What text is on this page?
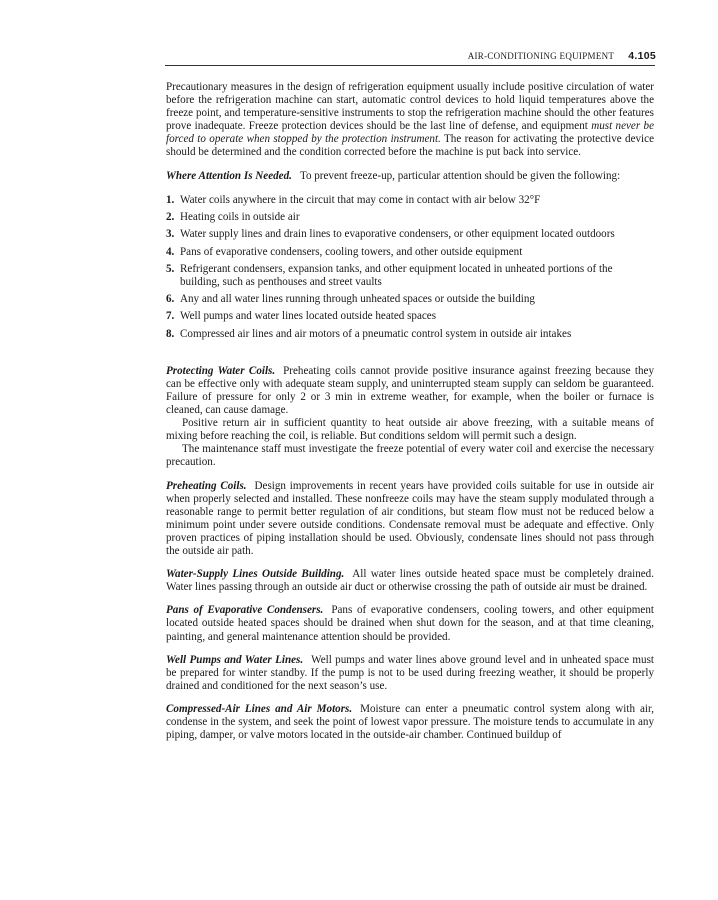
AIR-CONDITIONING EQUIPMENT 4.105

Precautionary measures in the design of refrigeration equipment usually include positive circulation of water before the refrigeration machine can start, automatic control devices to hold liquid temperatures above the freeze point, and temperature-sensitive instruments to stop the refrigeration machine should the other features prove inadequate. Freeze protection devices should be the last line of defense, and equipment must never be forced to operate when stopped by the protection instrument. The reason for activating the protective device should be determined and the condition corrected before the machine is put back into service.

Where Attention Is Needed. To prevent freeze-up, particular attention should be given the following:

1. Water coils anywhere in the circuit that may come in contact with air below 32°F
2. Heating coils in outside air
3. Water supply lines and drain lines to evaporative condensers, or other equipment located outdoors
4. Pans of evaporative condensers, cooling towers, and other outside equipment
5. Refrigerant condensers, expansion tanks, and other equipment located in unheated portions of the building, such as penthouses and street vaults
6. Any and all water lines running through unheated spaces or outside the building
7. Well pumps and water lines located outside heated spaces
8. Compressed air lines and air motors of a pneumatic control system in outside air intakes

Protecting Water Coils. Preheating coils cannot provide positive insurance against freezing because they can be effective only with adequate steam supply, and uninterrupted steam supply can seldom be guaranteed. Failure of pressure for only 2 or 3 min in extreme weather, for example, when the boiler or furnace is cleaned, can cause damage.

Positive return air in sufficient quantity to heat outside air above freezing, with a suitable means of mixing before reaching the coil, is reliable. But conditions seldom will permit such a design.

The maintenance staff must investigate the freeze potential of every water coil and exercise the necessary precaution.

Preheating Coils. Design improvements in recent years have provided coils suitable for use in outside air when properly selected and installed. These nonfreeze coils may have the steam supply modulated through a reasonable range to permit better regulation of air conditions, but steam flow must not be reduced below a minimum point under severe outside conditions. Condensate removal must be adequate and effective. Only proven practices of piping installation should be used. Obviously, condensate lines should not pass through the outside air path.

Water-Supply Lines Outside Building. All water lines outside heated space must be completely drained. Water lines passing through an outside air duct or otherwise crossing the path of outside air must be drained.

Pans of Evaporative Condensers. Pans of evaporative condensers, cooling towers, and other equipment located outside heated spaces should be drained when shut down for the season, and at that time cleaning, painting, and general maintenance attention should be provided.

Well Pumps and Water Lines. Well pumps and water lines above ground level and in unheated space must be prepared for winter standby. If the pump is not to be used during freezing weather, it should be properly drained and conditioned for the next season’s use.

Compressed-Air Lines and Air Motors. Moisture can enter a pneumatic control system along with air, condense in the system, and seek the point of lowest vapor pressure. The moisture tends to accumulate in any piping, damper, or valve motors located in the outside-air chamber. Continued buildup of
